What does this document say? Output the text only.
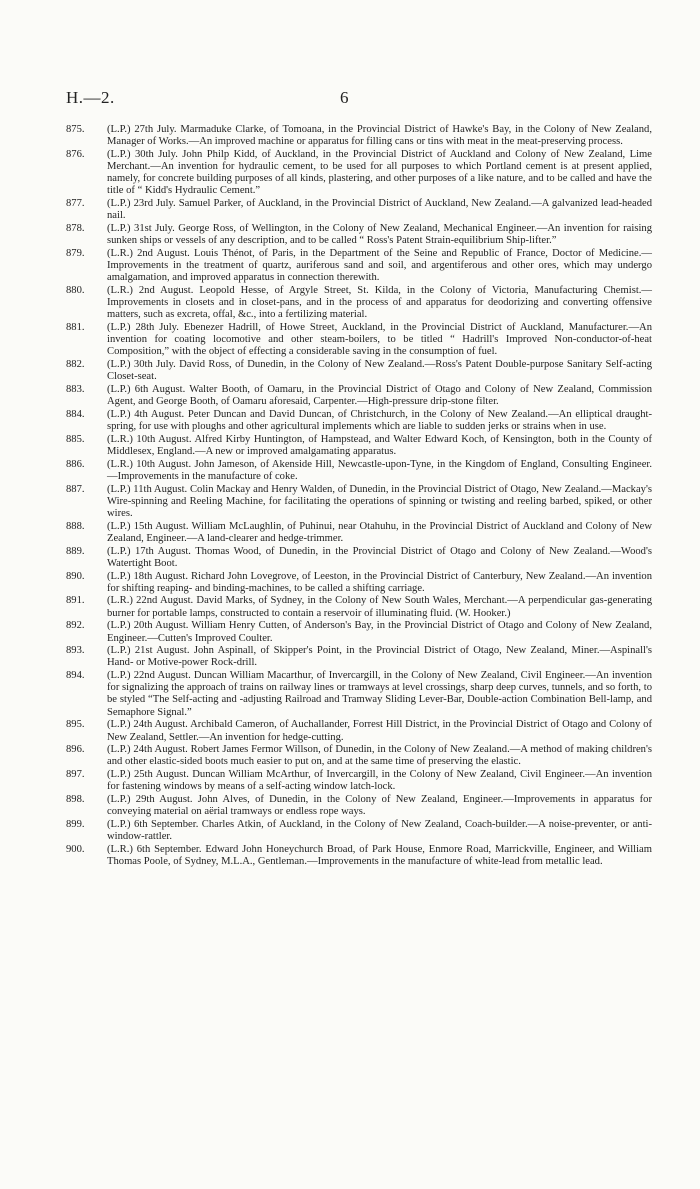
H.—2.	6
875. (L.P.) 27th July. Marmaduke Clarke, of Tomoana, in the Provincial District of Hawke's Bay, in the Colony of New Zealand, Manager of Works.—An improved machine or apparatus for filling cans or tins with meat in the meat-preserving process.
876. (L.P.) 30th July. John Philp Kidd, of Auckland, in the Provincial District of Auckland and Colony of New Zealand, Lime Merchant.—An invention for hydraulic cement, to be used for all purposes to which Portland cement is at present applied, namely, for concrete building purposes of all kinds, plastering, and other purposes of a like nature, and to be called and have the title of “ Kidd's Hydraulic Cement.”
877. (L.P.) 23rd July. Samuel Parker, of Auckland, in the Provincial District of Auckland, New Zealand.—A galvanized lead-headed nail.
878. (L.P.) 31st July. George Ross, of Wellington, in the Colony of New Zealand, Mechanical Engineer.—An invention for raising sunken ships or vessels of any description, and to be called “ Ross's Patent Strain-equilibrium Ship-lifter.”
879. (L.R.) 2nd August. Louis Thénot, of Paris, in the Department of the Seine and Republic of France, Doctor of Medicine.—Improvements in the treatment of quartz, auriferous sand and soil, and argentiferous and other ores, which may undergo amalgamation, and improved apparatus in connection therewith.
880. (L.R.) 2nd August. Leopold Hesse, of Argyle Street, St. Kilda, in the Colony of Victoria, Manufacturing Chemist.—Improvements in closets and in closet-pans, and in the process of and apparatus for deodorizing and converting offensive matters, such as excreta, offal, &c., into a fertilizing material.
881. (L.P.) 28th July. Ebenezer Hadrill, of Howe Street, Auckland, in the Provincial District of Auckland, Manufacturer.—An invention for coating locomotive and other steam-boilers, to be titled “ Hadrill's Improved Non-conductor-of-heat Composition,” with the object of effecting a considerable saving in the consumption of fuel.
882. (L.P.) 30th July. David Ross, of Dunedin, in the Colony of New Zealand.—Ross's Patent Double-purpose Sanitary Self-acting Closet-seat.
883. (L.P.) 6th August. Walter Booth, of Oamaru, in the Provincial District of Otago and Colony of New Zealand, Commission Agent, and George Booth, of Oamaru aforesaid, Carpenter.—High-pressure drip-stone filter.
884. (L.P.) 4th August. Peter Duncan and David Duncan, of Christchurch, in the Colony of New Zealand.—An elliptical draught-spring, for use with ploughs and other agricultural implements which are liable to sudden jerks or strains when in use.
885. (L.R.) 10th August. Alfred Kirby Huntington, of Hampstead, and Walter Edward Koch, of Kensington, both in the County of Middlesex, England.—A new or improved amalgamating apparatus.
886. (L.R.) 10th August. John Jameson, of Akenside Hill, Newcastle-upon-Tyne, in the Kingdom of England, Consulting Engineer.—Improvements in the manufacture of coke.
887. (L.P.) 11th August. Colin Mackay and Henry Walden, of Dunedin, in the Provincial District of Otago, New Zealand.—Mackay's Wire-spinning and Reeling Machine, for facilitating the operations of spinning or twisting and reeling barbed, spiked, or other wires.
888. (L.P.) 15th August. William McLaughlin, of Puhinui, near Otahuhu, in the Provincial District of Auckland and Colony of New Zealand, Engineer.—A land-clearer and hedge-trimmer.
889. (L.P.) 17th August. Thomas Wood, of Dunedin, in the Provincial District of Otago and Colony of New Zealand.—Wood's Watertight Boot.
890. (L.P.) 18th August. Richard John Lovegrove, of Leeston, in the Provincial District of Canterbury, New Zealand.—An invention for shifting reaping- and binding-machines, to be called a shifting carriage.
891. (L.R.) 22nd August. David Marks, of Sydney, in the Colony of New South Wales, Merchant.—A perpendicular gas-generating burner for portable lamps, constructed to contain a reservoir of illuminating fluid. (W. Hooker.)
892. (L.P.) 20th August. William Henry Cutten, of Anderson's Bay, in the Provincial District of Otago and Colony of New Zealand, Engineer.—Cutten's Improved Coulter.
893. (L.P.) 21st August. John Aspinall, of Skipper's Point, in the Provincial District of Otago, New Zealand, Miner.—Aspinall's Hand- or Motive-power Rock-drill.
894. (L.P.) 22nd August. Duncan William Macarthur, of Invercargill, in the Colony of New Zealand, Civil Engineer.—An invention for signalizing the approach of trains on railway lines or tramways at level crossings, sharp deep curves, tunnels, and so forth, to be styled “The Self-acting and -adjusting Railroad and Tramway Sliding Lever-Bar, Double-action Combination Bell-lamp, and Semaphore Signal.”
895. (L.P.) 24th August. Archibald Cameron, of Auchallander, Forrest Hill District, in the Provincial District of Otago and Colony of New Zealand, Settler.—An invention for hedge-cutting.
896. (L.P.) 24th August. Robert James Fermor Willson, of Dunedin, in the Colony of New Zealand.—A method of making children's and other elastic-sided boots much easier to put on, and at the same time of preserving the elastic.
897. (L.P.) 25th August. Duncan William McArthur, of Invercargill, in the Colony of New Zealand, Civil Engineer.—An invention for fastening windows by means of a self-acting window latch-lock.
898. (L.P.) 29th August. John Alves, of Dunedin, in the Colony of New Zealand, Engineer.—Improvements in apparatus for conveying material on aërial tramways or endless rope ways.
899. (L.P.) 6th September. Charles Atkin, of Auckland, in the Colony of New Zealand, Coach-builder.—A noise-preventer, or anti-window-rattler.
900. (L.R.) 6th September. Edward John Honeychurch Broad, of Park House, Enmore Road, Marrickville, Engineer, and William Thomas Poole, of Sydney, M.L.A., Gentleman.—Improvements in the manufacture of white-lead from metallic lead.
